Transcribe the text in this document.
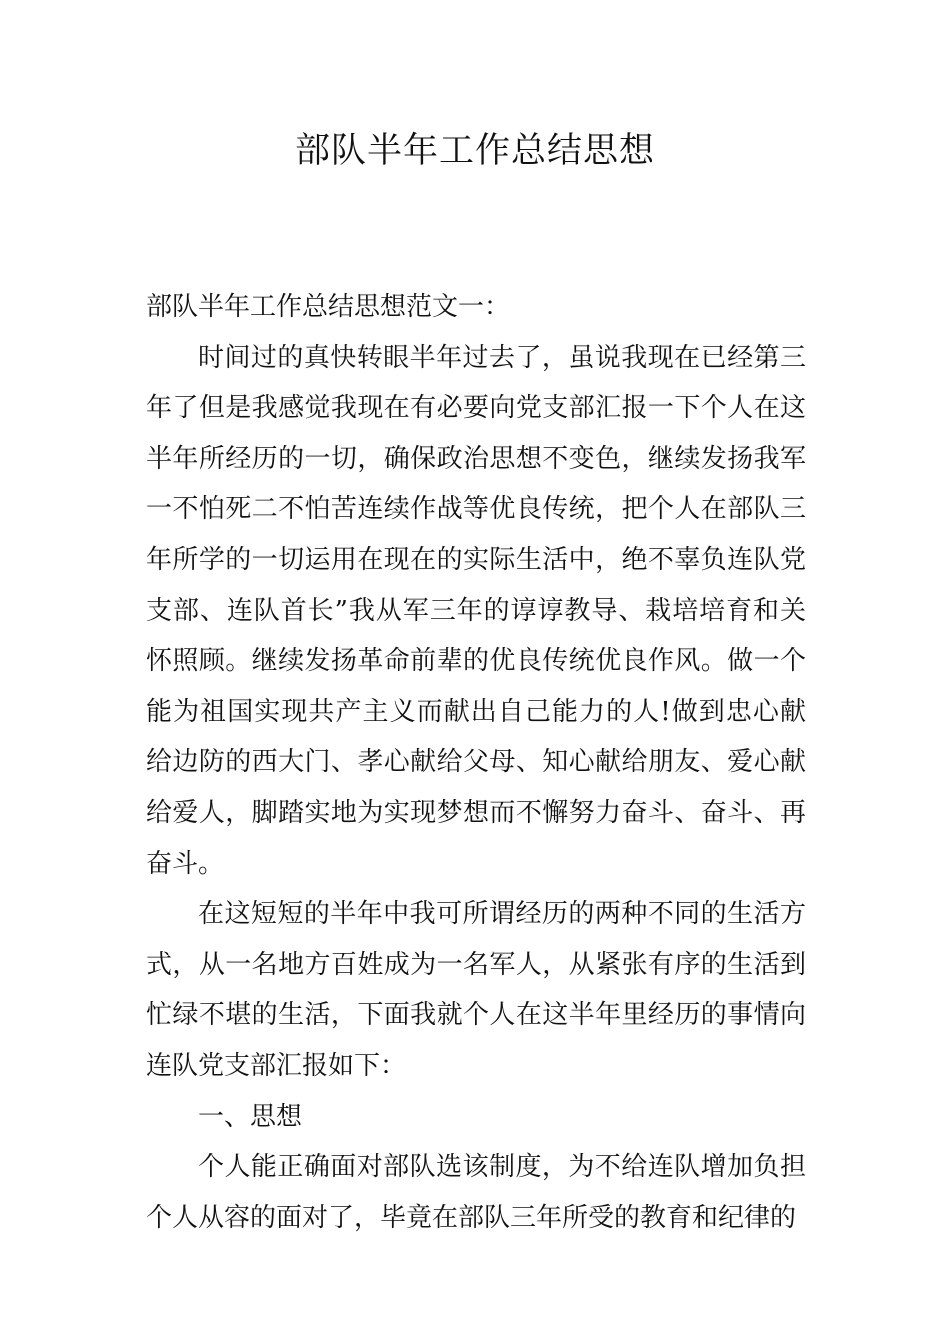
部队半年工作总结思想

部队半年工作总结思想范文一：

时间过的真快转眼半年过去了，虽说我现在已经第三年了但是我感觉我现在有必要向党支部汇报一下个人在这半年所经历的一切，确保政治思想不变色，继续发扬我军一不怕死二不怕苦连续作战等优良传统，把个人在部队三年所学的一切运用在现在的实际生活中，绝不辜负连队党支部、连队首长”我从军三年的谆谆教导、栽培培育和关怀照顾。继续发扬革命前辈的优良传统优良作风。做一个能为祖国实现共产主义而献出自己能力的人!做到忠心献给边防的西大门、孝心献给父母、知心献给朋友、爱心献给爱人，脚踏实地为实现梦想而不懈努力奋斗、奋斗、再奋斗。

在这短短的半年中我可所谓经历的两种不同的生活方式，从一名地方百姓成为一名军人，从紧张有序的生活到忙绿不堪的生活，下面我就个人在这半年里经历的事情向连队党支部汇报如下：

一、思想

个人能正确面对部队选该制度，为不给连队增加负担个人从容的面对了，毕竟在部队三年所受的教育和纪律的
